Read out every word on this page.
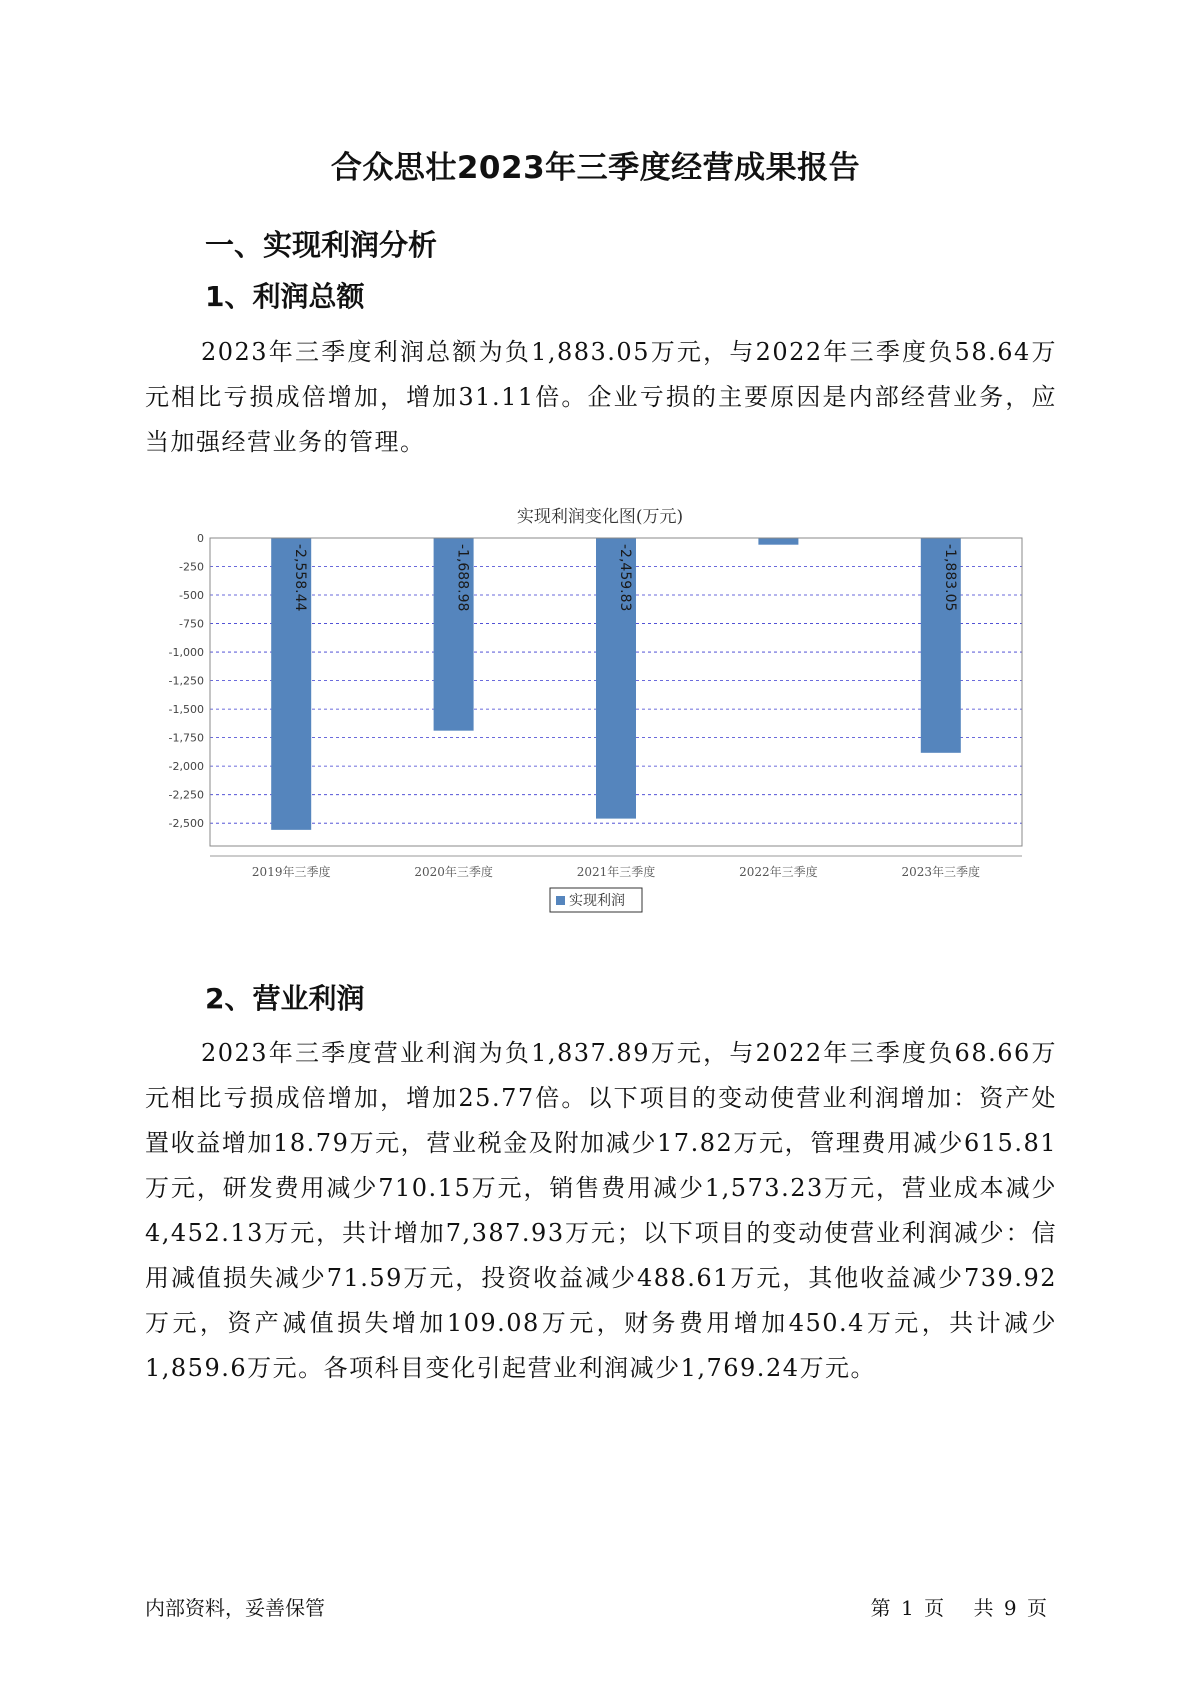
合众思壮2023年三季度经营成果报告
一、实现利润分析
1、利润总额

2023年三季度利润总额为负1,883.05万元，与2022年三季度负58.64万元相比亏损成倍增加，增加31.11倍。企业亏损的主要原因是内部经营业务，应当加强经营业务的管理。

实现利润变化图(万元)
0
-250
-500
-750
-1,000
-1,250
-1,500
-1,750
-2,000
-2,250
-2,500
-2,558.44	-1,688.98	-2,459.83	-1,883.05
2019年三季度	2020年三季度	2021年三季度	2022年三季度	2023年三季度
实现利润
2、营业利润

2023年三季度营业利润为负1,837.89万元，与2022年三季度负68.66万元相比亏损成倍增加，增加25.77倍。以下项目的变动使营业利润增加：资产处置收益增加18.79万元，营业税金及附加减少17.82万元，管理费用减少615.81万元，研发费用减少710.15万元，销售费用减少1,573.23万元，营业成本减少4,452.13万元，共计增加7,387.93万元；以下项目的变动使营业利润减少：信用减值损失减少71.59万元，投资收益减少488.61万元，其他收益减少739.92万元，资产减值损失增加109.08万元，财务费用增加450.4万元，共计减少1,859.6万元。各项科目变化引起营业利润减少1,769.24万元。

内部资料，妥善保管	第 1 页 共 9 页
